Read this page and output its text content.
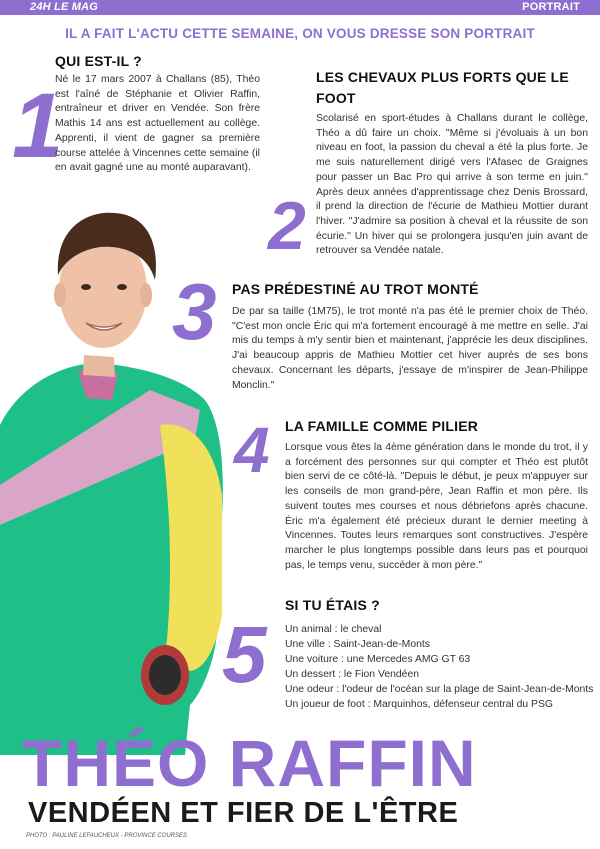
24H LE MAG	PORTRAIT
IL A FAIT L'ACTU CETTE SEMAINE, ON VOUS DRESSE SON PORTRAIT
1
QUI EST-IL ?
Né le 17 mars 2007 à Challans (85), Théo est l'aîné de Stéphanie et Olivier Raffin, entraîneur et driver en Vendée. Son frère Mathis 14 ans est actuellement au collège. Apprenti, il vient de gagner sa première course attelée à Vincennes cette semaine (il en avait gagné une au monté auparavant).
LES CHEVAUX PLUS FORTS QUE LE FOOT
2
Scolarisé en sport-études à Challans durant le collège, Théo a dû faire un choix. "Même si j'évoluais à un bon niveau en foot, la passion du cheval a été la plus forte. Je me suis naturellement dirigé vers l'Afasec de Graignes pour passer un Bac Pro qui arrive à son terme en juin." Après deux années d'apprentissage chez Denis Brossard, il prend la direction de l'écurie de Mathieu Mottier durant l'hiver. "J'admire sa position à cheval et la réussite de son écurie." Un hiver qui se prolongera jusqu'en juin avant de retrouver sa Vendée natale.
3 PAS PRÉDESTINÉ AU TROT MONTÉ
De par sa taille (1M75), le trot monté n'a pas été le premier choix de Théo. "C'est mon oncle Éric qui m'a fortement encouragé à me mettre en selle. J'ai mis du temps à m'y sentir bien et maintenant, j'apprécie les deux disciplines. J'ai beaucoup appris de Mathieu Mottier cet hiver auprès de ses bons chevaux. Concernant les départs, j'essaye de m'inspirer de Jean-Philippe Monclin."
4 LA FAMILLE COMME PILIER
Lorsque vous êtes la 4ème génération dans le monde du trot, il y a forcément des personnes sur qui compter et Théo est plutôt bien servi de ce côté-là. "Depuis le début, je peux m'appuyer sur les conseils de mon grand-père, Jean Raffin et mon père. Ils suivent toutes mes courses et nous débriefons après chacune. Éric m'a également été précieux durant le dernier meeting à Vincennes. Toutes leurs remarques sont constructives. J'espère marcher le plus longtemps possible dans leurs pas et pourquoi pas, le temps venu, succéder à mon père."
5
SI TU ÉTAIS ?
Un animal : le cheval
Une ville : Saint-Jean-de-Monts
Une voiture : une Mercedes AMG GT 63
Un dessert : le Fion Vendéen
Une odeur : l'odeur de l'océan sur la plage de Saint-Jean-de-Monts
Un joueur de foot : Marquinhos, défenseur central du PSG
THÉO RAFFIN
VENDÉEN ET FIER DE L'ÊTRE
PHOTO : PAULINE LEFAUCHEUX - PROVINCE COURSES
